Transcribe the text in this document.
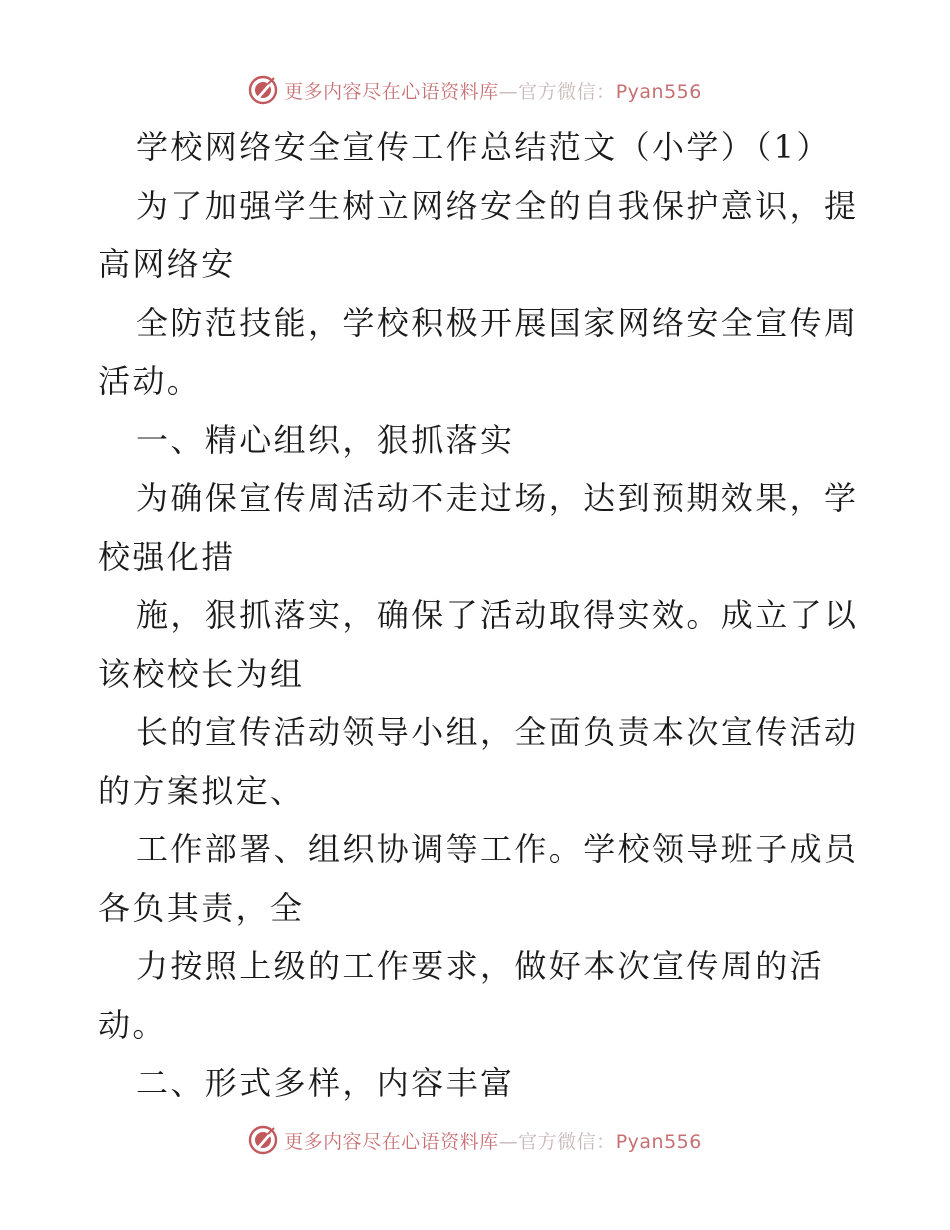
更多内容尽在心语资料库—官方微信：Pyan556
学校网络安全宣传工作总结范文（小学）（1）
为了加强学生树立网络安全的自我保护意识，提
高网络安
全防范技能，学校积极开展国家网络安全宣传周
活动。
一、精心组织，狠抓落实
为确保宣传周活动不走过场，达到预期效果，学
校强化措
施，狠抓落实，确保了活动取得实效。成立了以
该校校长为组
长的宣传活动领导小组，全面负责本次宣传活动
的方案拟定、
工作部署、组织协调等工作。学校领导班子成员
各负其责，全
力按照上级的工作要求，做好本次宣传周的活
动。
二、形式多样，内容丰富
更多内容尽在心语资料库—官方微信：Pyan556
